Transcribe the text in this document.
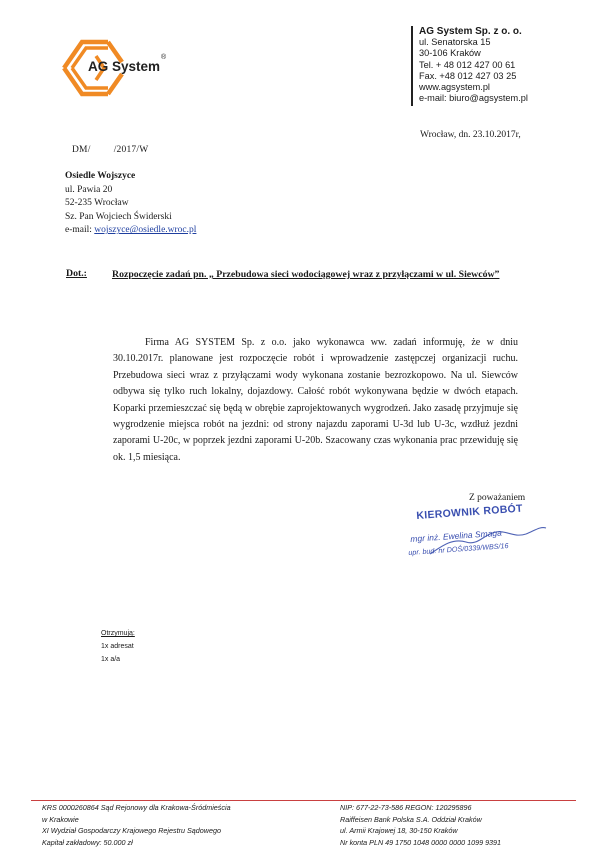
AG System
®
AG System Sp. z o. o.
ul. Senatorska 15
30-106 Kraków
Tel. + 48 012 427 00 61
Fax. +48 012 427 03 25
www.agsystem.pl
e-mail: biuro@agsystem.pl
Wrocław, dn. 23.10.2017r,
DM/ /2017/W
Osiedle Wojszyce
ul. Pawia 20
52-235 Wrocław
Sz. Pan Wojciech Świderski
e-mail: wojszyce@osiedle.wroc.pl
Dot.:	Rozpoczęcie zadań pn. „ Przebudowa sieci wodociągowej wraz z przyłączami w ul. Siewców”
Firma AG SYSTEM Sp. z o.o. jako wykonawca ww. zadań informuję, że w dniu 30.10.2017r. planowane jest rozpoczęcie robót i wprowadzenie zastępczej organizacji ruchu. Przebudowa sieci wraz z przyłączami wody wykonana zostanie bezrozkopowo. Na ul. Siewców odbywa się tylko ruch lokalny, dojazdowy. Całość robót wykonywana będzie w dwóch etapach. Koparki przemieszczać się będą w obrębie zaprojektowanych wygrodzeń. Jako zasadę przyjmuje się wygrodzenie miejsca robót na jezdni: od strony najazdu zaporami U-3d lub U-3c, wzdłuż jezdni zaporami U-20c, w poprzek jezdni zaporami U-20b. Szacowany czas wykonania prac przewiduję się ok. 1,5 miesiąca.
Z poważaniem
KIEROWNIK ROBÓT
mgr inż. Ewelina Smaga
upr. bud. nr DOŚ/0339/WBS/16
Otrzymują:
1x adresat
1x a/a
KRS 0000260864 Sąd Rejonowy dla Krakowa-Śródmieścia
w Krakowie
XI Wydział Gospodarczy Krajowego Rejestru Sądowego
Kapitał zakładowy: 50.000 zł
NIP: 677-22-73-586 REGON: 120295896
Raiffeisen Bank Polska S.A. Oddział Kraków
ul. Armii Krajowej 18, 30-150 Kraków
Nr konta PLN 49 1750 1048 0000 0000 1099 9391
